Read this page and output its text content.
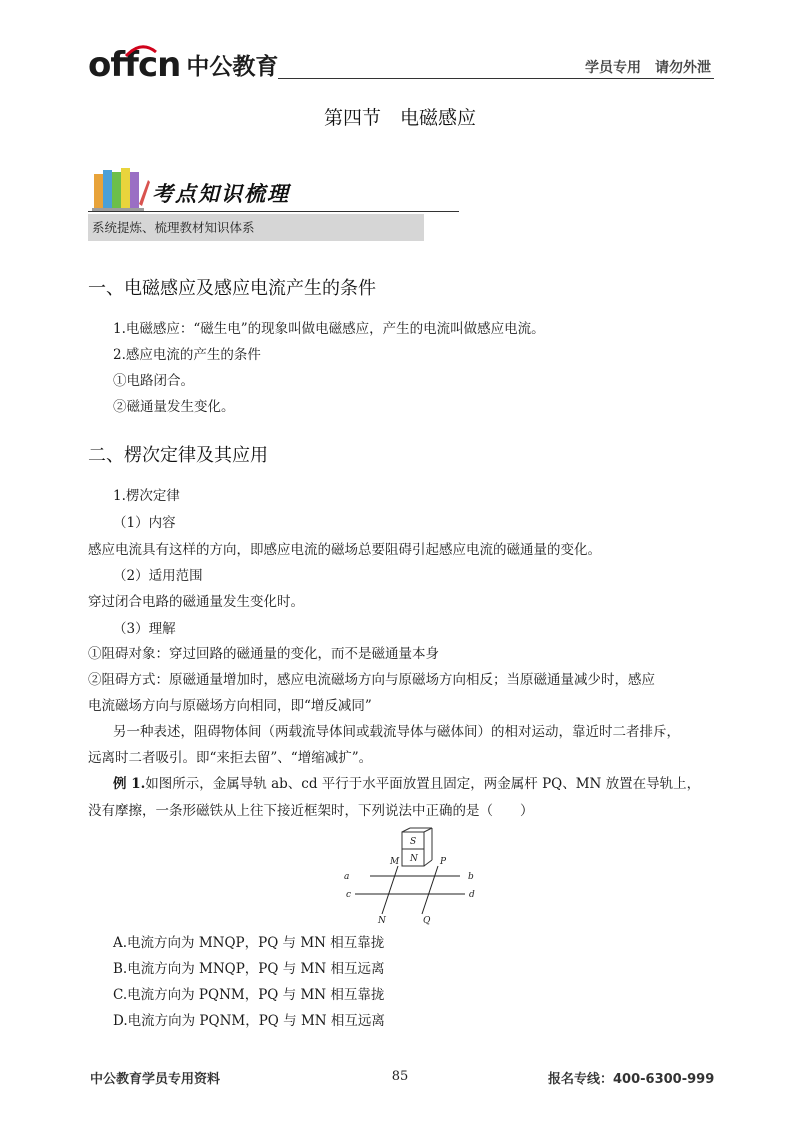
offcn 中公教育	学员专用 请勿外泄
第四节　电磁感应
考点知识梳理
系统提炼、梳理教材知识体系
一、电磁感应及感应电流产生的条件
1.电磁感应：“磁生电”的现象叫做电磁感应，产生的电流叫做感应电流。
2.感应电流的产生的条件
①电路闭合。
②磁通量发生变化。
二、楞次定律及其应用
1.楞次定律
（1）内容
感应电流具有这样的方向，即感应电流的磁场总要阻碍引起感应电流的磁通量的变化。
（2）适用范围
穿过闭合电路的磁通量发生变化时。
（3）理解
①阻碍对象：穿过回路的磁通量的变化，而不是磁通量本身
②阻碍方式：原磁通量增加时，感应电流磁场方向与原磁场方向相反；当原磁通量减少时，感应
电流磁场方向与原磁场方向相同，即“增反减同”
另一种表述，阻碍物体间（两载流导体间或载流导体与磁体间）的相对运动，靠近时二者排斥，
远离时二者吸引。即“来拒去留”、“增缩减扩”。
例 1.如图所示，金属导轨 ab、cd 平行于水平面放置且固定，两金属杆 PQ、MN 放置在导轨上，
没有摩擦，一条形磁铁从上往下接近框架时，下列说法中正确的是（　　）
S
N
M	P
a	b
c	d
N	Q
A.电流方向为 MNQP，PQ 与 MN 相互靠拢
B.电流方向为 MNQP，PQ 与 MN 相互远离
C.电流方向为 PQNM，PQ 与 MN 相互靠拢
D.电流方向为 PQNM，PQ 与 MN 相互远离
中公教育学员专用资料	85	报名专线：400-6300-999
